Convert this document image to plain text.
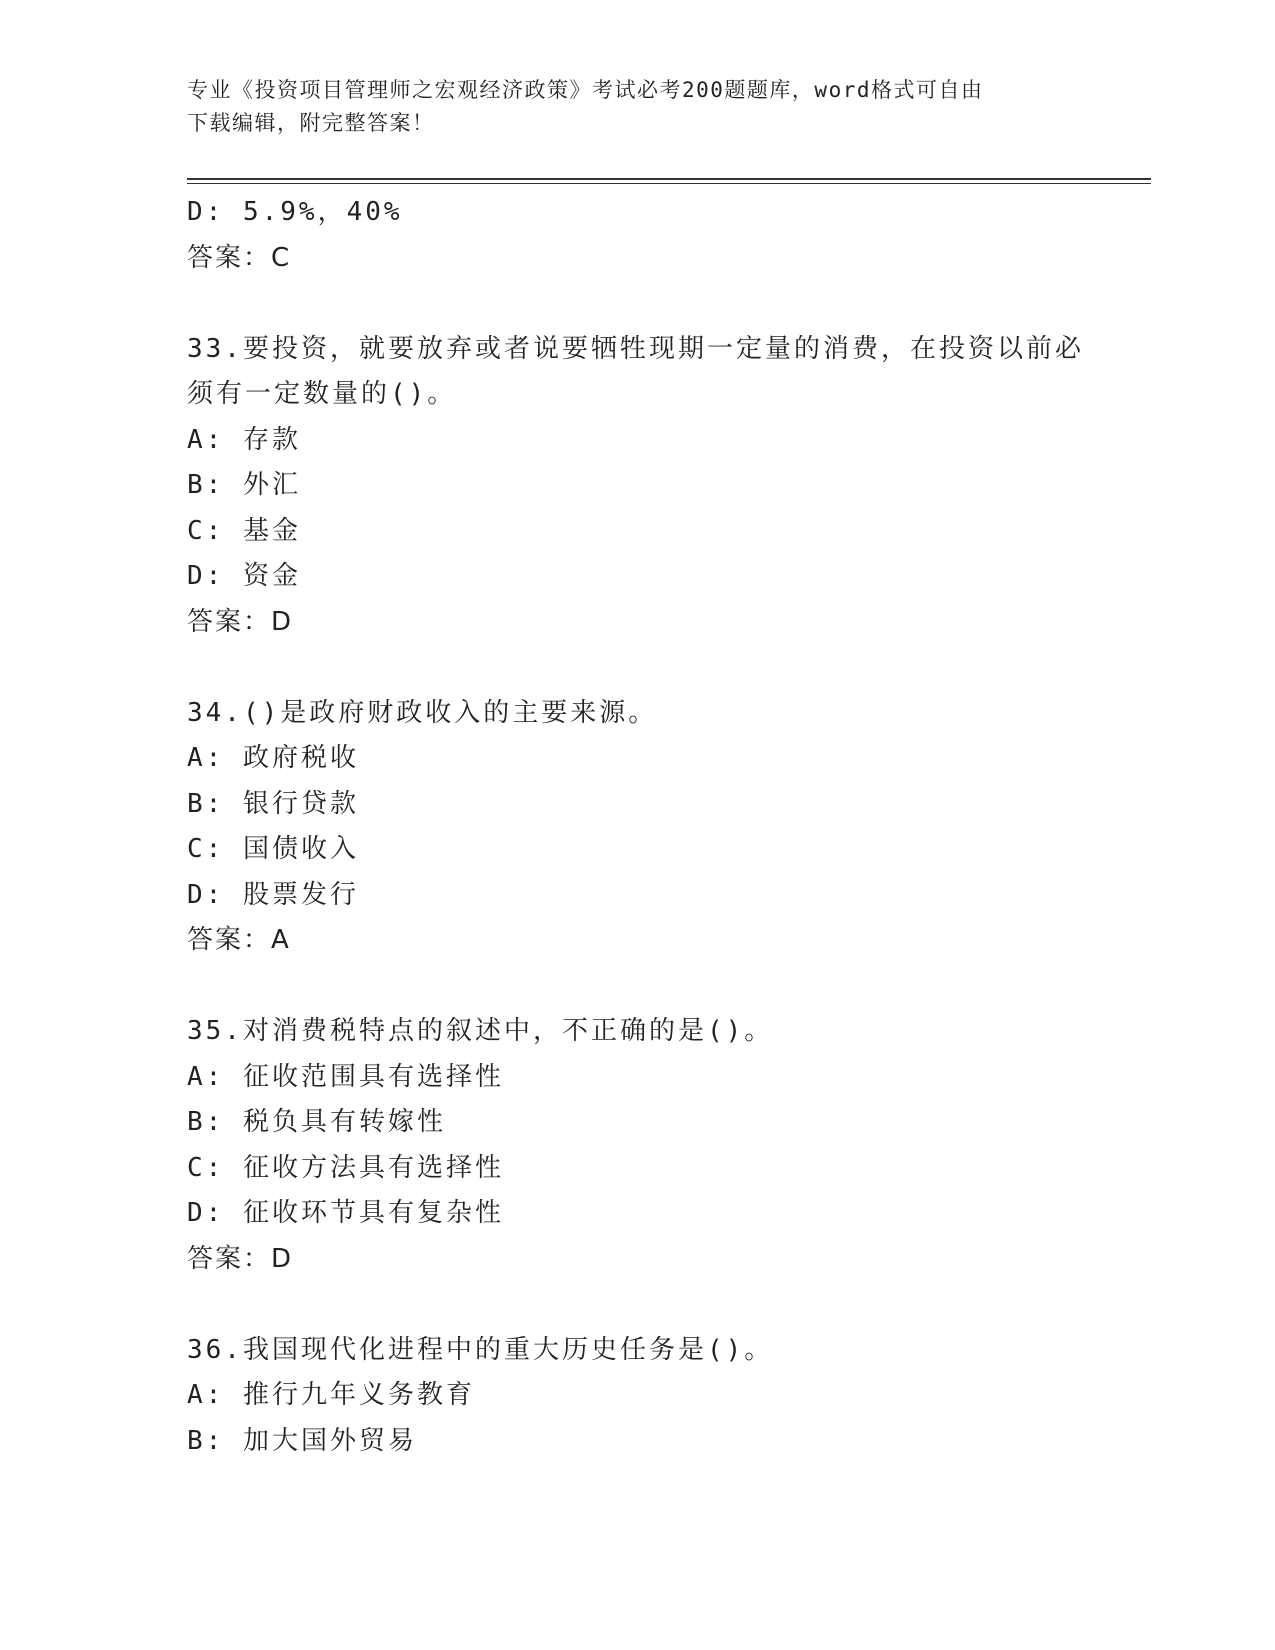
专业《投资项目管理师之宏观经济政策》考试必考200题题库，word格式可自由
下载编辑，附完整答案！
D: 5.9%，40%
答案：C
33.要投资，就要放弃或者说要牺牲现期一定量的消费，在投资以前必
须有一定数量的()。
A: 存款
B: 外汇
C: 基金
D: 资金
答案：D
34.()是政府财政收入的主要来源。
A: 政府税收
B: 银行贷款
C: 国债收入
D: 股票发行
答案：A
35.对消费税特点的叙述中，不正确的是()。
A: 征收范围具有选择性
B: 税负具有转嫁性
C: 征收方法具有选择性
D: 征收环节具有复杂性
答案：D
36.我国现代化进程中的重大历史任务是()。
A: 推行九年义务教育
B: 加大国外贸易
